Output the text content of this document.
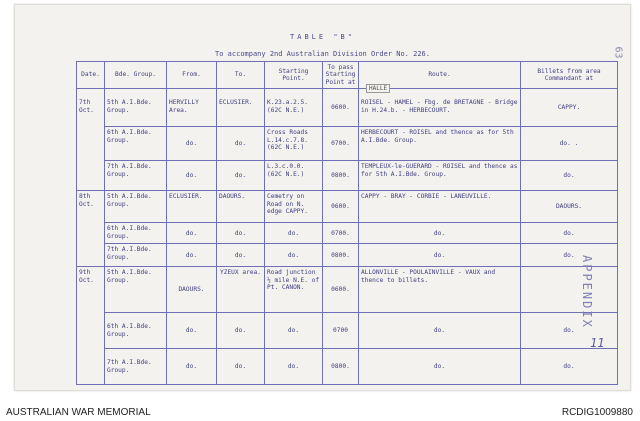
TABLE "B"
To accompany 2nd Australian Division Order No. 226.	63
Date.	Bde. Group.	From.	To.	Starting Point.	To pass Starting Point at	Route.	Billets from area Commandant at
7th Oct.	5th A.I.Bde. Group.	HERVILLY Area.	ECLUSIER.	K.23.a.2.5. (62C N.E.)	0600.	ROISEL - HAMEL - Fbg. de BRETAGNE - Bridge in H.24.b. - HERBECOURT.	CAPPY.
	6th A.I.Bde. Group.	do.	do.	Cross Roads L.14.c.7.8. (62C N.E.)	0700.	HERBECOURT - ROISEL and thence as for 5th A.I.Bde. Group.	do. .
	7th A.I.Bde. Group.	do.	do.	L.3.c.0.0. (62C N.E.)	0800.	TEMPLEUX-le-GUERARD - ROISEL and thence as for 5th A.I.Bde. Group.	do.
8th Oct.	5th A.I.Bde. Group.	ECLUSIER.	DAOURS.	Cemetry on Road on N. edge CAPPY.	0600.	CAPPY - BRAY - CORBIE - LANEUVILLE.	DAOURS.
	6th A.I.Bde. Group.	do.	do.	do.	0700.	do.	do.
	7th A.I.Bde. Group.	do.	do.	do.	0800.	do.	do.
9th Oct.	5th A.I.Bde. Group.	DAOURS.	YZEUX area.	Road junction ½ mile N.E. of Pt. CANON.	0600.	ALLONVILLE - POULAINVILLE - VAUX and thence to billets.	
	6th A.I.Bde. Group.	do.	do.	do.	0700	do.	do.
	7th A.I.Bde. Group.	do.	do.	do.	0800.	do.	do.
HALLE
APPENDIX
11
AUSTRALIAN WAR MEMORIAL	RCDIG1009880
